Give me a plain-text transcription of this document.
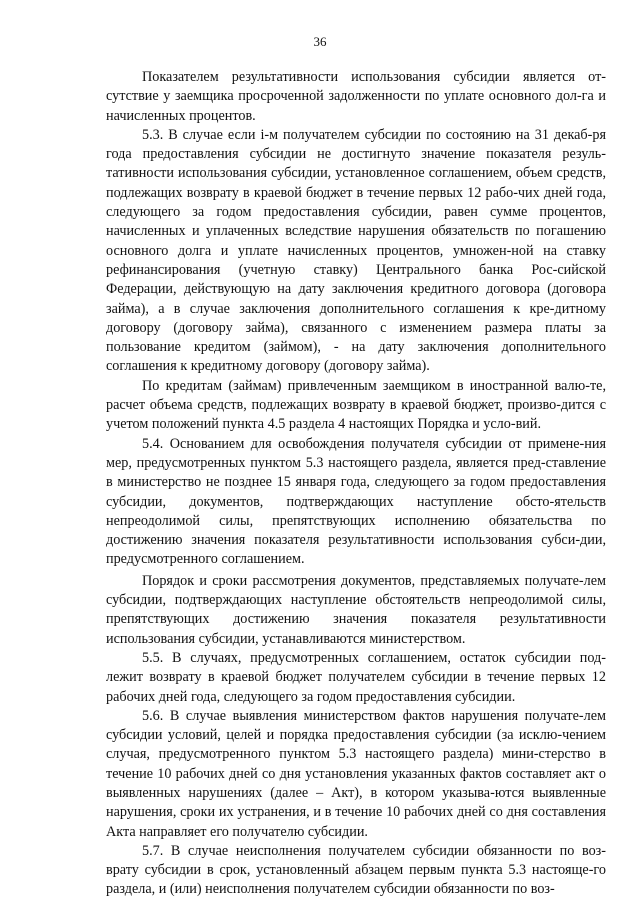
36

Показателем результативности использования субсидии является от-сутствие у заемщика просроченной задолженности по уплате основного дол-га и начисленных процентов.

5.3. В случае если i-м получателем субсидии по состоянию на 31 декаб-ря года предоставления субсидии не достигнуто значение показателя резуль-тативности использования субсидии, установленное соглашением, объем средств, подлежащих возврату в краевой бюджет в течение первых 12 рабо-чих дней года, следующего за годом предоставления субсидии, равен сумме процентов, начисленных и уплаченных вследствие нарушения обязательств по погашению основного долга и уплате начисленных процентов, умножен-ной на ставку рефинансирования (учетную ставку) Центрального банка Рос-сийской Федерации, действующую на дату заключения кредитного договора (договора займа), а в случае заключения дополнительного соглашения к кре-дитному договору (договору займа), связанного с изменением размера платы за пользование кредитом (займом), - на дату заключения дополнительного соглашения к кредитному договору (договору займа).

По кредитам (займам) привлеченным заемщиком в иностранной валю-те, расчет объема средств, подлежащих возврату в краевой бюджет, произво-дится с учетом положений пункта 4.5 раздела 4 настоящих Порядка и усло-вий.

5.4. Основанием для освобождения получателя субсидии от примене-ния мер, предусмотренных пунктом 5.3 настоящего раздела, является пред-ставление в министерство не позднее 15 января года, следующего за годом предоставления субсидии, документов, подтверждающих наступление обсто-ятельств непреодолимой силы, препятствующих исполнению обязательства по достижению значения показателя результативности использования субси-дии, предусмотренного соглашением.

Порядок и сроки рассмотрения документов, представляемых получате-лем субсидии, подтверждающих наступление обстоятельств непреодолимой силы, препятствующих достижению значения показателя результативности использования субсидии, устанавливаются министерством.

5.5. В случаях, предусмотренных соглашением, остаток субсидии под-лежит возврату в краевой бюджет получателем субсидии в течение первых 12 рабочих дней года, следующего за годом предоставления субсидии.

5.6. В случае выявления министерством фактов нарушения получате-лем субсидии условий, целей и порядка предоставления субсидии (за исклю-чением случая, предусмотренного пунктом 5.3 настоящего раздела) мини-стерство в течение 10 рабочих дней со дня установления указанных фактов составляет акт о выявленных нарушениях (далее – Акт), в котором указыва-ются выявленные нарушения, сроки их устранения, и в течение 10 рабочих дней со дня составления Акта направляет его получателю субсидии.

5.7. В случае неисполнения получателем субсидии обязанности по воз-врату субсидии в срок, установленный абзацем первым пункта 5.3 настояще-го раздела, и (или) неисполнения получателем субсидии обязанности по воз-
